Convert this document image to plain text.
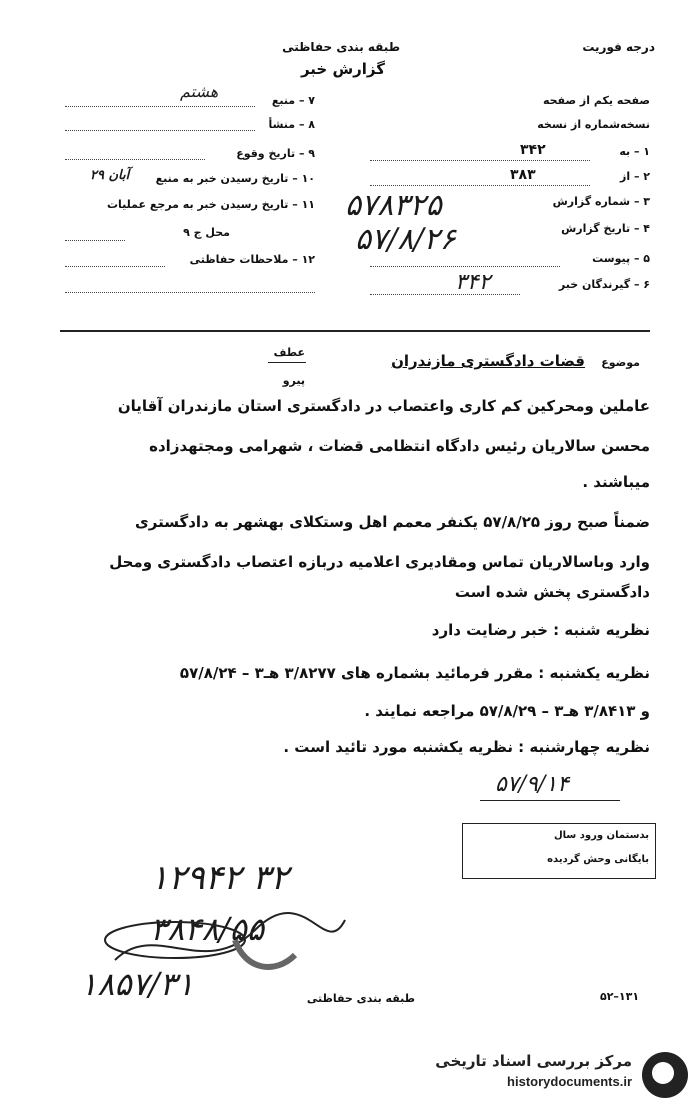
طبقه بندی حفاظتی
گزارش خبر
درجه فوریت
صفحه یکم از صفحه
نسخه‌شماره از نسخه
۱ – به
۳۴۲
۲ – از
۳۸۳
۳ – شماره گزارش
۵۷۸۳۲۵
۴ – تاریخ گزارش
۵۷/۸/۲۶
۵ – پیوست
۶ – گیرندگان خبر
۳۴۲
۷ – منبع
هشتم
۸ – منشأ
۹ – تاریخ وقوع
۱۰ – تاریخ رسیدن خبر به منبع
۲۹ آبان
۱۱ – تاریخ رسیدن خبر به مرجع عملیات
محل ج ۹
۱۲ – ملاحظات حفاظتی
موضوع
قضات دادگستری مازندران
عطف
پیرو
عاملین ومحرکین کم کاری واعتصاب در دادگستری استان مازندران آقایان
محسن سالاریان رئیس دادگاه انتظامی قضات ، شهرامی ومجتهدزاده
میباشند .
ضمناً صبح روز ۵۷/۸/۲۵ یکنفر معمم اهل وستکلای بهشهر به دادگستری
وارد وباسالاریان تماس ومقادیری اعلامیه دربازه اعتصاب دادگستری ومحل
دادگستری پخش شده است
نظریه شنبه : خبر رضایت دارد
نظریه یکشنبه : مقرر فرمائید بشماره های ۳/۸۲۷۷ هـ۳ – ۵۷/۸/۲۴
و ۳/۸۴۱۳ هـ۳ – ۵۷/۸/۲۹ مراجعه نمایند .
نظریه چهارشنبه : نظریه یکشنبه مورد تائید است .
۵۷/۹/۱۴
بدستمان ورود سال
بایگانی وحش گردیده
۱۲۹۴۲ ۳۲
۳۸۴۸/۵۵
۱۸۵۷/۳۱	طبقه بندی حفاظتی	۵۲–۱۳۱
مرکز بررسی اسناد تاریخی
historydocuments.ir
